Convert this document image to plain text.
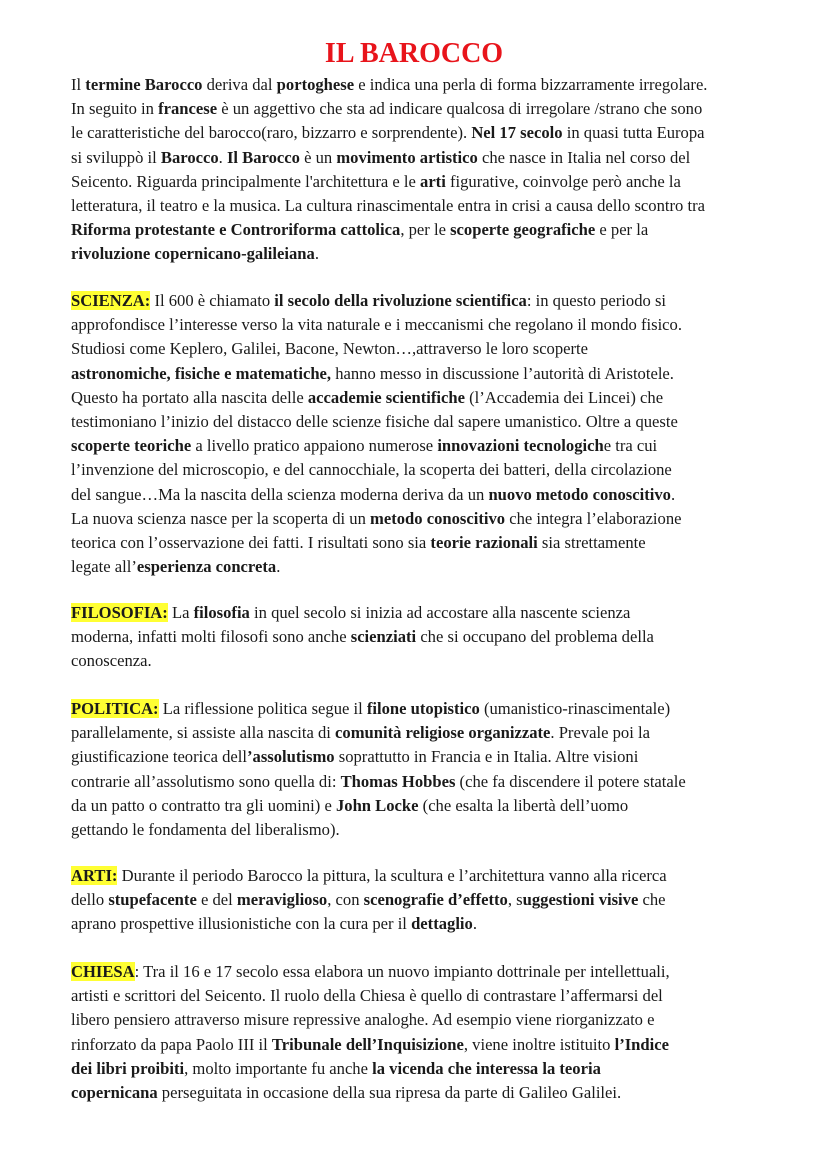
IL BAROCCO
Il termine Barocco deriva dal portoghese e indica una perla di forma bizzarramente irregolare.
In seguito in francese è un aggettivo che sta ad indicare qualcosa di irregolare /strano che sono
le caratteristiche del barocco(raro, bizzarro e sorprendente). Nel 17 secolo in quasi tutta Europa
si sviluppò il Barocco. Il Barocco è un movimento artistico che nasce in Italia nel corso del
Seicento. Riguarda principalmente l'architettura e le arti figurative, coinvolge però anche la
letteratura, il teatro e la musica. La cultura rinascimentale entra in crisi a causa dello scontro tra
Riforma protestante e Controriforma cattolica, per le scoperte geografiche e per la
rivoluzione copernicano-galileiana.
SCIENZA: Il 600 è chiamato il secolo della rivoluzione scientifica: in questo periodo si
approfondisce l’interesse verso la vita naturale e i meccanismi che regolano il mondo fisico.
Studiosi come Keplero, Galilei, Bacone, Newton…,attraverso le loro scoperte
astronomiche, fisiche e matematiche, hanno messo in discussione l’autorità di Aristotele.
Questo ha portato alla nascita delle accademie scientifiche (l’Accademia dei Lincei) che
testimoniano l’inizio del distacco delle scienze fisiche dal sapere umanistico. Oltre a queste
scoperte teoriche a livello pratico appaiono numerose innovazioni tecnologiche tra cui
l’invenzione del microscopio, e del cannocchiale, la scoperta dei batteri, della circolazione
del sangue…Ma la nascita della scienza moderna deriva da un nuovo metodo conoscitivo.
La nuova scienza nasce per la scoperta di un metodo conoscitivo che integra l’elaborazione
teorica con l’osservazione dei fatti. I risultati sono sia teorie razionali sia strettamente
legate all’esperienza concreta.
FILOSOFIA: La filosofia in quel secolo si inizia ad accostare alla nascente scienza
moderna, infatti molti filosofi sono anche scienziati che si occupano del problema della
conoscenza.
POLITICA: La riflessione politica segue il filone utopistico (umanistico-rinascimentale)
parallelamente, si assiste alla nascita di comunità religiose organizzate. Prevale poi la
giustificazione teorica dell’assolutismo soprattutto in Francia e in Italia. Altre visioni
contrarie all’assolutismo sono quella di: Thomas Hobbes (che fa discendere il potere statale
da un patto o contratto tra gli uomini) e John Locke (che esalta la libertà dell’uomo
gettando le fondamenta del liberalismo).
ARTI: Durante il periodo Barocco la pittura, la scultura e l’architettura vanno alla ricerca
dello stupefacente e del meraviglioso, con scenografie d’effetto, suggestioni visive che
aprano prospettive illusionistiche con la cura per il dettaglio.
CHIESA: Tra il 16 e 17 secolo essa elabora un nuovo impianto dottrinale per intellettuali,
artisti e scrittori del Seicento. Il ruolo della Chiesa è quello di contrastare l’affermarsi del
libero pensiero attraverso misure repressive analoghe. Ad esempio viene riorganizzato e
rinforzato da papa Paolo III il Tribunale dell’Inquisizione, viene inoltre istituito l’Indice
dei libri proibiti, molto importante fu anche la vicenda che interessa la teoria
copernicana perseguitata in occasione della sua ripresa da parte di Galileo Galilei.
